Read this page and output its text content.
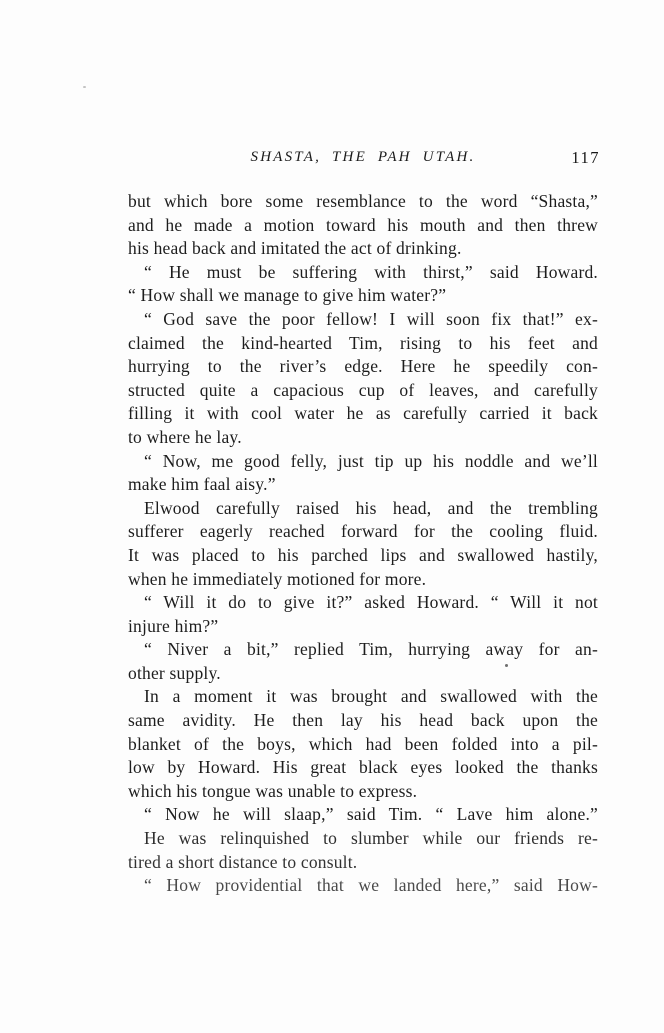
SHASTA, THE PAH UTAH.	117
but which bore some resemblance to the word “Shasta,”
and he made a motion toward his mouth and then threw
his head back and imitated the act of drinking.
“ He must be suffering with thirst,” said Howard.
“ How shall we manage to give him water?”
“ God save the poor fellow! I will soon fix that!” ex-
claimed the kind-hearted Tim, rising to his feet and
hurrying to the river’s edge. Here he speedily con-
structed quite a capacious cup of leaves, and carefully
filling it with cool water he as carefully carried it back
to where he lay.
“ Now, me good felly, just tip up his noddle and we’ll
make him faal aisy.”
Elwood carefully raised his head, and the trembling
sufferer eagerly reached forward for the cooling fluid.
It was placed to his parched lips and swallowed hastily,
when he immediately motioned for more.
“ Will it do to give it?” asked Howard. “ Will it not
injure him?”
“ Niver a bit,” replied Tim, hurrying away for an-
other supply.
In a moment it was brought and swallowed with the
same avidity. He then lay his head back upon the
blanket of the boys, which had been folded into a pil-
low by Howard. His great black eyes looked the thanks
which his tongue was unable to express.
“ Now he will slaap,” said Tim. “ Lave him alone.”
He was relinquished to slumber while our friends re-
tired a short distance to consult.
“ How providential that we landed here,” said How-
